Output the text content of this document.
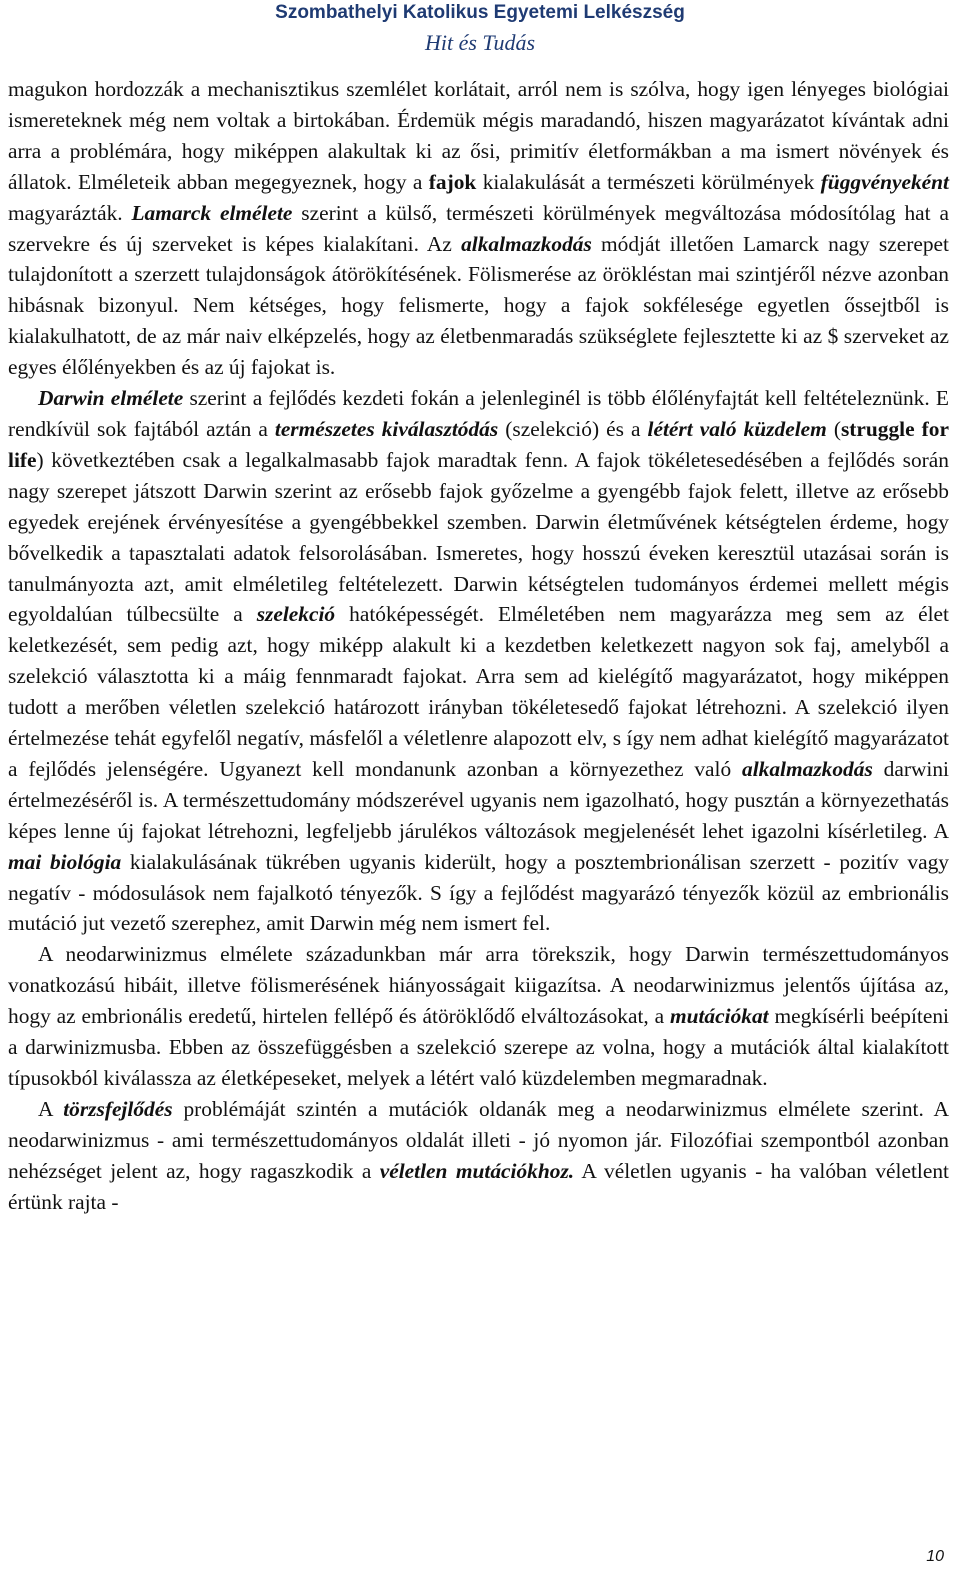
Szombathelyi Katolikus Egyetemi Lelkészség
Hit és Tudás

magukon hordozzák a mechanisztikus szemlélet korlátait, arról nem is szólva, hogy igen lényeges biológiai ismereteknek még nem voltak a birtokában. Érdemük mégis maradandó, hiszen magyarázatot kívántak adni arra a problémára, hogy miképpen alakultak ki az ősi, primitív életformákban a ma ismert növények és állatok. Elméleteik abban megegyeznek, hogy a fajok kialakulását a természeti körülmények függvényeként magyarázták. Lamarck elmélete szerint a külső, természeti körülmények megváltozása módosítólag hat a szervekre és új szerveket is képes kialakítani. Az alkalmazkodás módját illetően Lamarck nagy szerepet tulajdonított a szerzett tulajdonságok átörökítésének. Fölismerése az örökléstan mai szintjéről nézve azonban hibásnak bizonyul. Nem kétséges, hogy felismerte, hogy a fajok sokfélesége egyetlen ősseјtből is kialakulhatott, de az már naiv elképzelés, hogy az életbenmaradás szükséglete fejlesztette ki az $ szerveket az egyes élőlényekben és az új fajokat is.

Darwin elmélete szerint a fejlődés kezdeti fokán a jelenleginél is több élőlényfajtát kell feltételeznünk. E rendkívül sok fajtából aztán a természetes kiválasztódás (szelekció) és a létért való küzdelem (struggle for life) következtében csak a legalkalmasabb fajok maradtak fenn. A fajok tökéletesedésében a fejlődés során nagy szerepet játszott Darwin szerint az erősebb fajok győzelme a gyengébb fajok felett, illetve az erősebb egyedek erejének érvényesítése a gyengébbekkel szemben. Darwin életművének kétségtelen érdeme, hogy bővelkedik a tapasztalati adatok felsorolásában. Ismeretes, hogy hosszú éveken keresztül utazásai során is tanulmányozta azt, amit elméletileg feltételezett. Darwin kétségtelen tudományos érdemei mellett mégis egyoldalúan túlbecsülte a szelekció hatóképességét. Elméletében nem magyarázza meg sem az élet keletkezését, sem pedig azt, hogy miképp alakult ki a kezdetben keletkezett nagyon sok faj, amelyből a szelekció választotta ki a máig fennmaradt fajokat. Arra sem ad kielégítő magyarázatot, hogy miképpen tudott a merőben véletlen szelekció határozott irányban tökéletesedő fajokat létrehozni. A szelekció ilyen értelmezése tehát egyfelől negatív, másfelől a véletlenre alapozott elv, s így nem adhat kielégítő magyarázatot a fejlődés jelenségére. Ugyanezt kell mondanunk azonban a környezethez való alkalmazkodás darwini értelmezéséről is. A természettudomány módszerével ugyanis nem igazolható, hogy pusztán a környezethatás képes lenne új fajokat létrehozni, legfeljebb járulékos változások megjelenését lehet igazolni kísérletileg. A mai biológia kialakulásának tükrében ugyanis kiderült, hogy a posztembrionálisan szerzett - pozitív vagy negatív - módosulások nem fajalkotó tényezők. S így a fejlődést magyarázó tényezők közül az embrionális mutáció jut vezető szerephez, amit Darwin még nem ismert fel.

A neodarwinizmus elmélete századunkban már arra törekszik, hogy Darwin természettudományos vonatkozású hibáit, illetve fölismerésének hiányosságait kiigazítsa. A neodarwinizmus jelentős újítása az, hogy az embrionális eredetű, hirtelen fellépő és átöröklődő elváltozásokat, a mutációkat megkísérli beépíteni a darwinizmusba. Ebben az összefüggésben a szelekció szerepe az volna, hogy a mutációk által kialakított típusokból kiválassza az életképeseket, melyek a létért való küzdelemben megmaradnak.

A törzsfejlődés problémáját szintén a mutációk oldanák meg a neodarwinizmus elmélete szerint. A neodarwinizmus - ami természettudományos oldalát illeti - jó nyomon jár. Filozófiai szempontból azonban nehézséget jelent az, hogy ragaszkodik a véletlen mutációkhoz. A véletlen ugyanis - ha valóban véletlent értünk rajta -

10
